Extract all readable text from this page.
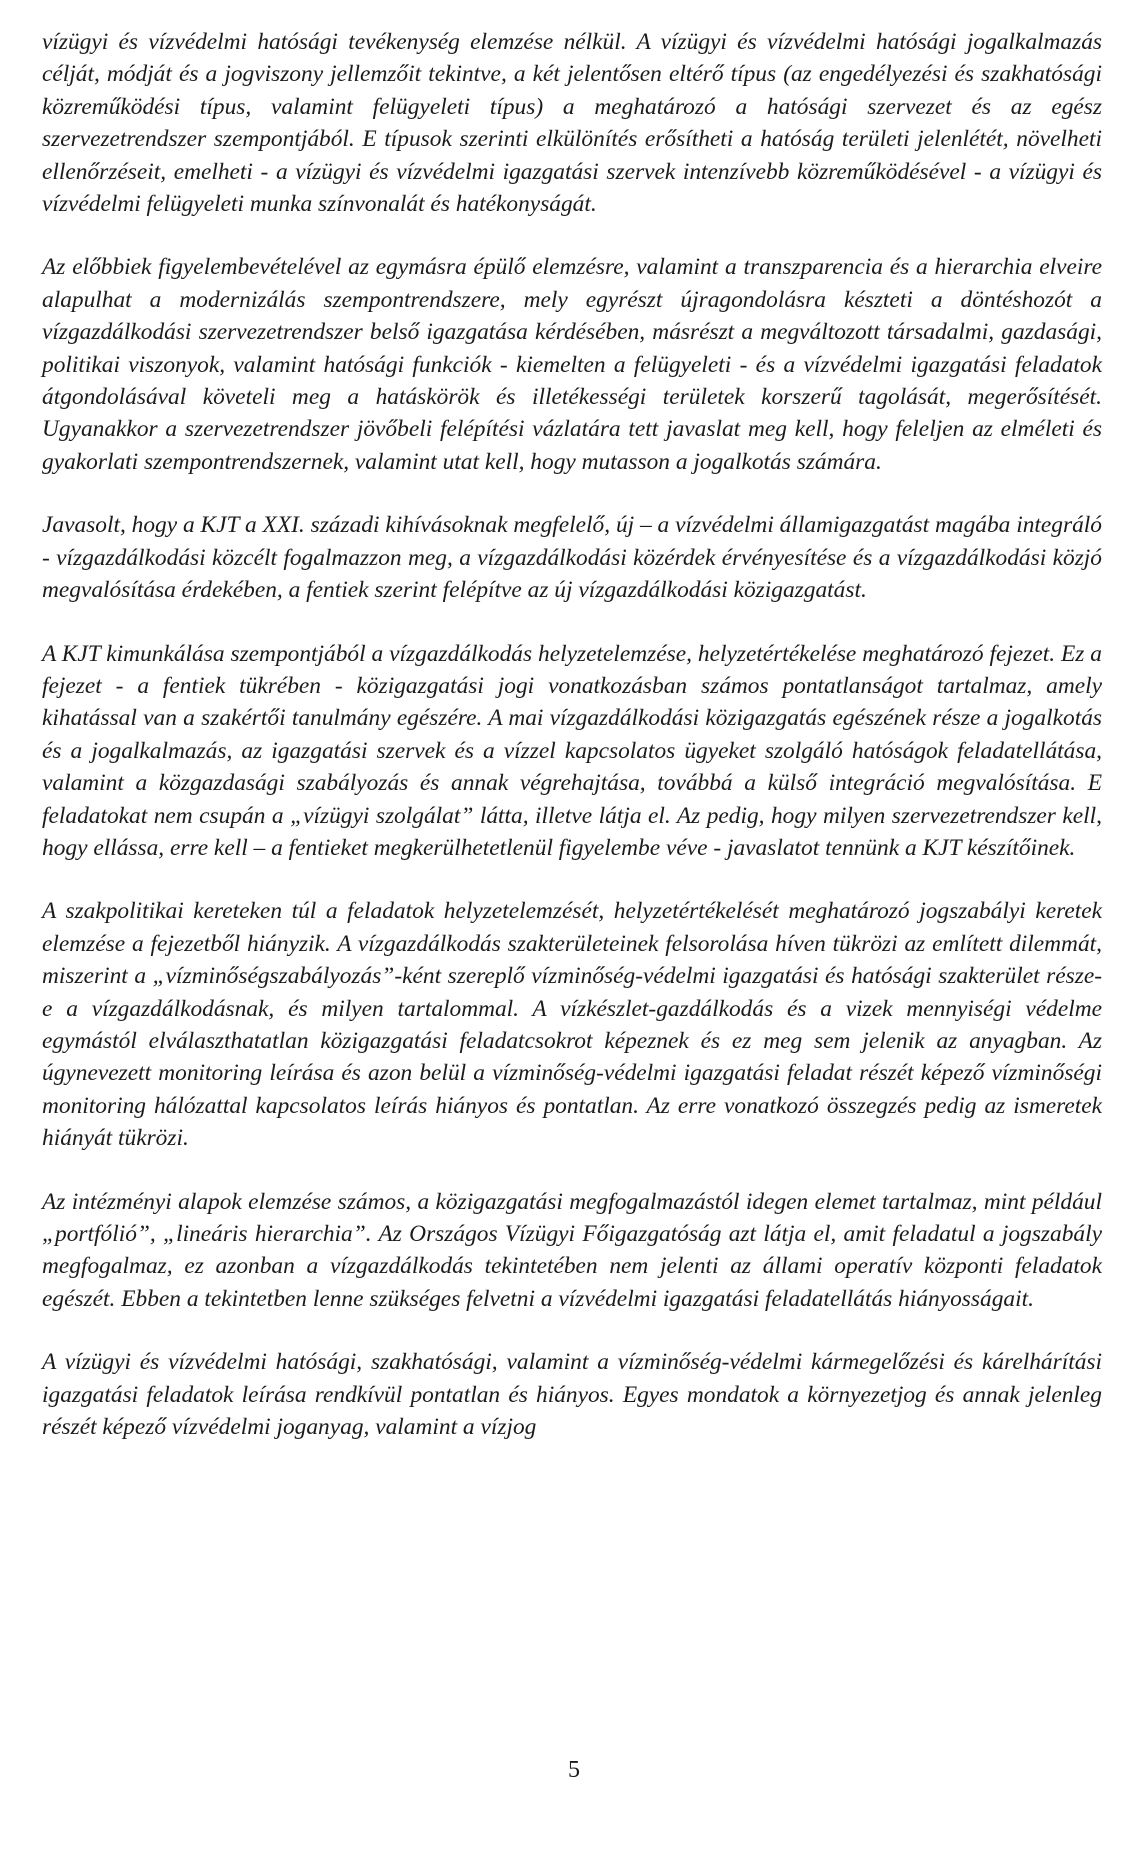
vízügyi és vízvédelmi hatósági tevékenység elemzése nélkül. A vízügyi és vízvédelmi hatósági jogalkalmazás célját, módját és a jogviszony jellemzőit tekintve, a két jelentősen eltérő típus (az engedélyezési és szakhatósági közreműködési típus, valamint felügyeleti típus) a meghatározó a hatósági szervezet és az egész szervezetrendszer szempontjából. E típusok szerinti elkülönítés erősítheti a hatóság területi jelenlétét, növelheti ellenőrzéseit, emelheti - a vízügyi és vízvédelmi igazgatási szervek intenzívebb közreműködésével - a vízügyi és vízvédelmi felügyeleti munka színvonalát és hatékonyságát.

Az előbbiek figyelembevételével az egymásra épülő elemzésre, valamint a transzparencia és a hierarchia elveire alapulhat a modernizálás szempontrendszere, mely egyrészt újragondolásra készteti a döntéshozót a vízgazdálkodási szervezetrendszer belső igazgatása kérdésében, másrészt a megváltozott társadalmi, gazdasági, politikai viszonyok, valamint hatósági funkciók - kiemelten a felügyeleti - és a vízvédelmi igazgatási feladatok átgondolásával követeli meg a hatáskörök és illetékességi területek korszerű tagolását, megerősítését. Ugyanakkor a szervezetrendszer jövőbeli felépítési vázlatára tett javaslat meg kell, hogy feleljen az elméleti és gyakorlati szempontrendszernek, valamint utat kell, hogy mutasson a jogalkotás számára.

Javasolt, hogy a KJT a XXI. századi kihívásoknak megfelelő, új – a vízvédelmi államigazgatást magába integráló - vízgazdálkodási közcélt fogalmazzon meg, a vízgazdálkodási közérdek érvényesítése és a vízgazdálkodási közjó megvalósítása érdekében, a fentiek szerint felépítve az új vízgazdálkodási közigazgatást.

A KJT kimunkálása szempontjából a vízgazdálkodás helyzetelemzése, helyzetértékelése meghatározó fejezet. Ez a fejezet - a fentiek tükrében - közigazgatási jogi vonatkozásban számos pontatlanságot tartalmaz, amely kihatással van a szakértői tanulmány egészére. A mai vízgazdálkodási közigazgatás egészének része a jogalkotás és a jogalkalmazás, az igazgatási szervek és a vízzel kapcsolatos ügyeket szolgáló hatóságok feladatellátása, valamint a közgazdasági szabályozás és annak végrehajtása, továbbá a külső integráció megvalósítása. E feladatokat nem csupán a „vízügyi szolgálat” látta, illetve látja el. Az pedig, hogy milyen szervezetrendszer kell, hogy ellássa, erre kell – a fentieket megkerülhetetlenül figyelembe véve - javaslatot tennünk a KJT készítőinek.

A szakpolitikai kereteken túl a feladatok helyzetelemzését, helyzetértékelését meghatározó jogszabályi keretek elemzése a fejezetből hiányzik. A vízgazdálkodás szakterületeinek felsorolása híven tükrözi az említett dilemmát, miszerint a „vízminőségszabályozás”-ként szereplő vízminőség-védelmi igazgatási és hatósági szakterület része-e a vízgazdálkodásnak, és milyen tartalommal. A vízkészlet-gazdálkodás és a vizek mennyiségi védelme egymástól elválaszthatatlan közigazgatási feladatcsokrot képeznek és ez meg sem jelenik az anyagban. Az úgynevezett monitoring leírása és azon belül a vízminőség-védelmi igazgatási feladat részét képező vízminőségi monitoring hálózattal kapcsolatos leírás hiányos és pontatlan. Az erre vonatkozó összegzés pedig az ismeretek hiányát tükrözi.

Az intézményi alapok elemzése számos, a közigazgatási megfogalmazástól idegen elemet tartalmaz, mint például „portfólió”, „lineáris hierarchia”. Az Országos Vízügyi Főigazgatóság azt látja el, amit feladatul a jogszabály megfogalmaz, ez azonban a vízgazdálkodás tekintetében nem jelenti az állami operatív központi feladatok egészét. Ebben a tekintetben lenne szükséges felvetni a vízvédelmi igazgatási feladatellátás hiányosságait.

A vízügyi és vízvédelmi hatósági, szakhatósági, valamint a vízminőség-védelmi kármegelőzési és kárelhárítási igazgatási feladatok leírása rendkívül pontatlan és hiányos. Egyes mondatok a környezetjog és annak jelenleg részét képező vízvédelmi joganyag, valamint a vízjog

5
